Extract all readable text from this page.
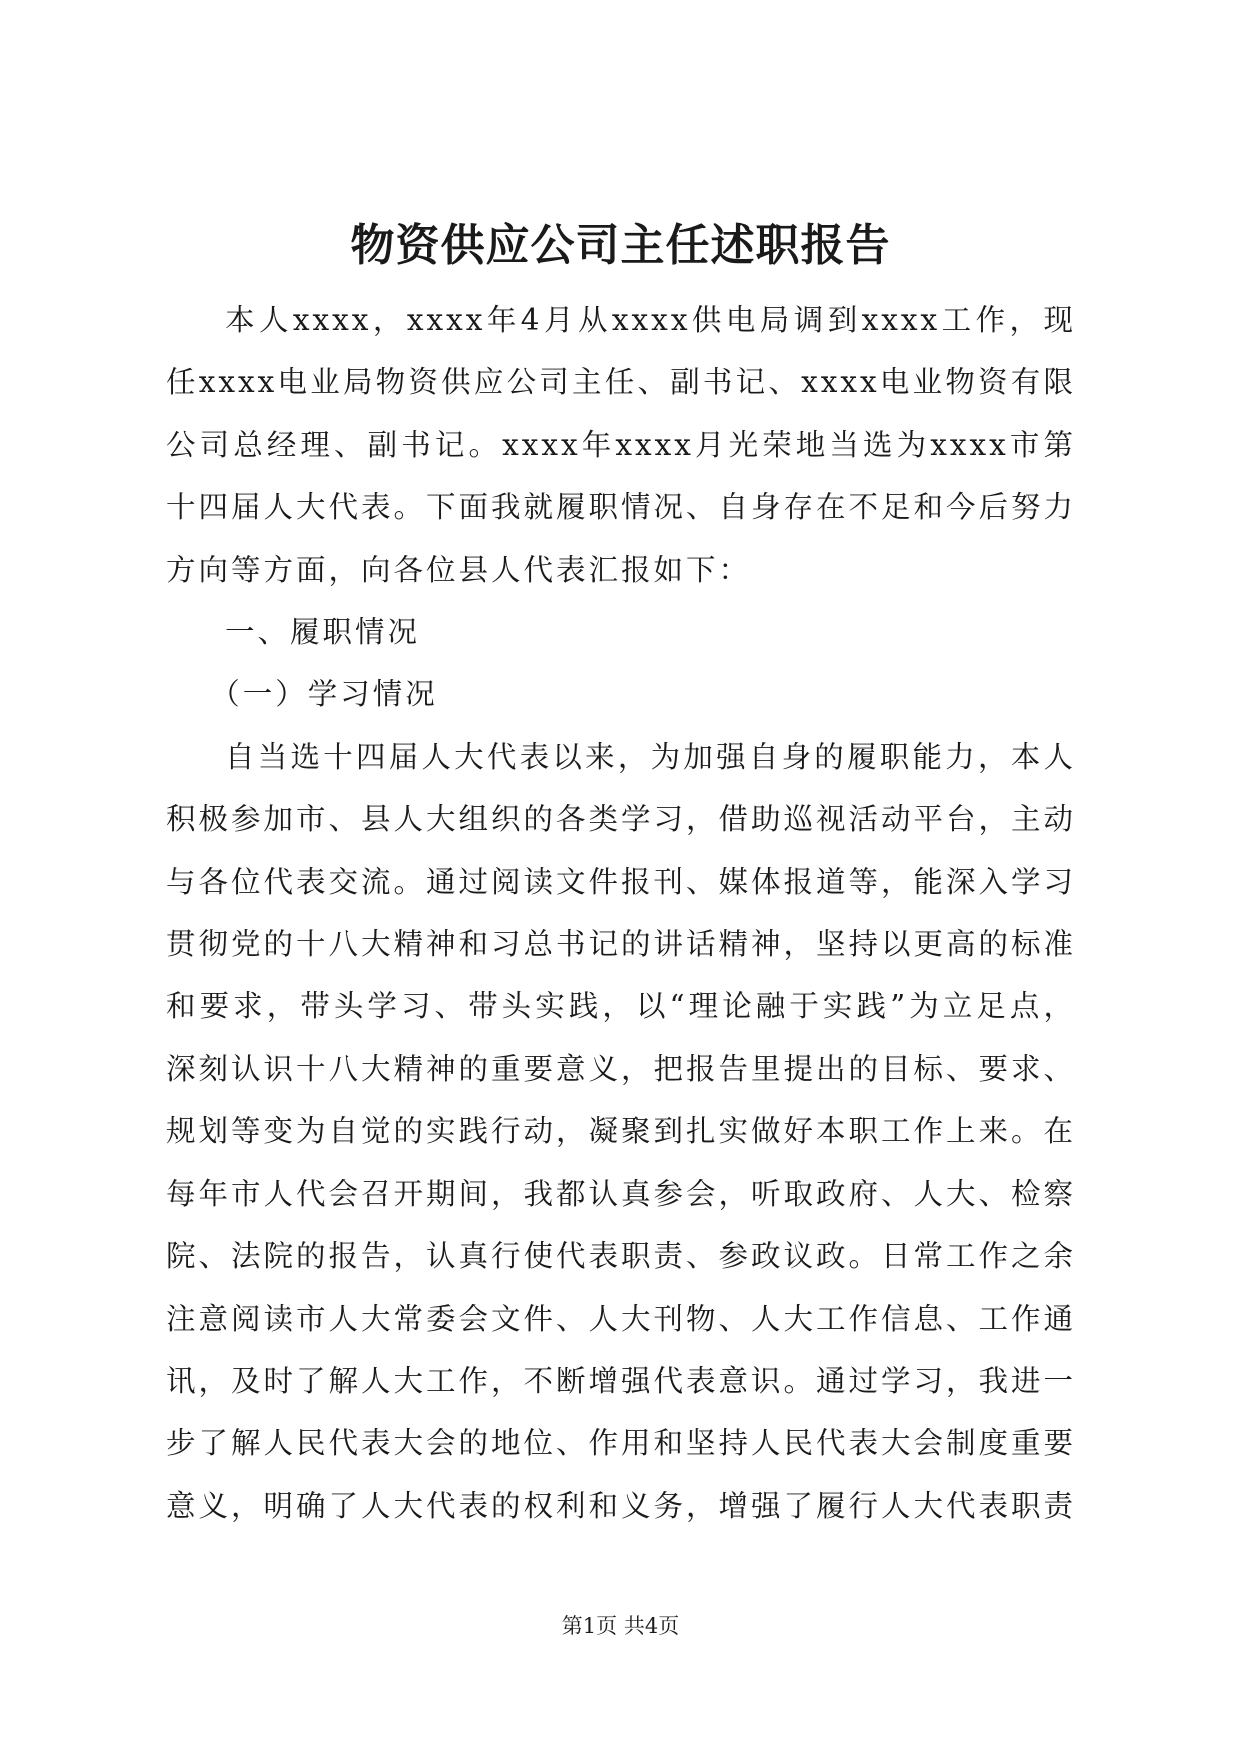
物资供应公司主任述职报告

本人xxxx，xxxx年4月从xxxx供电局调到xxxx工作，现任xxxx电业局物资供应公司主任、副书记、xxxx电业物资有限公司总经理、副书记。xxxx年xxxx月光荣地当选为xxxx市第十四届人大代表。下面我就履职情况、自身存在不足和今后努力方向等方面，向各位县人代表汇报如下：

一、履职情况

（一）学习情况

自当选十四届人大代表以来，为加强自身的履职能力，本人积极参加市、县人大组织的各类学习，借助巡视活动平台，主动与各位代表交流。通过阅读文件报刊、媒体报道等，能深入学习贯彻党的十八大精神和习总书记的讲话精神，坚持以更高的标准和要求，带头学习、带头实践，以“理论融于实践”为立足点，深刻认识十八大精神的重要意义，把报告里提出的目标、要求、规划等变为自觉的实践行动，凝聚到扎实做好本职工作上来。在每年市人代会召开期间，我都认真参会，听取政府、人大、检察院、法院的报告，认真行使代表职责、参政议政。日常工作之余注意阅读市人大常委会文件、人大刊物、人大工作信息、工作通讯，及时了解人大工作，不断增强代表意识。通过学习，我进一步了解人民代表大会的地位、作用和坚持人民代表大会制度重要意义，明确了人大代表的权利和义务，增强了履行人大代表职责

第1页 共4页
